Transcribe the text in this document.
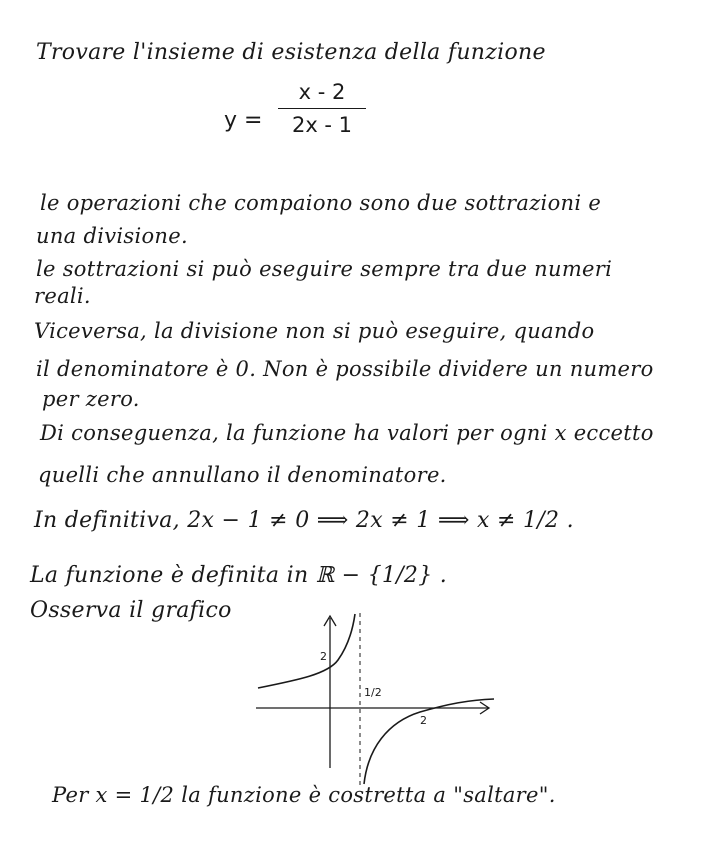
Trovare l'insieme di esistenza della funzione
y =
x - 2
2x - 1
le operazioni che compaiono sono due sottrazioni e
una divisione.
le sottrazioni si può eseguire sempre tra due numeri
reali.
Viceversa, la divisione non si può eseguire, quando
il denominatore è 0. Non è possibile dividere un numero
per zero.
Di conseguenza, la funzione ha valori per ogni x eccetto
quelli che annullano il denominatore.
In definitiva, 2x − 1 ≠ 0 ⟹ 2x ≠ 1 ⟹ x ≠ 1/2 .
La funzione è definita in ℝ − {1/2} .
Osserva il grafico
2
1/2
2
Per x = 1/2 la funzione è costretta a "saltare".
